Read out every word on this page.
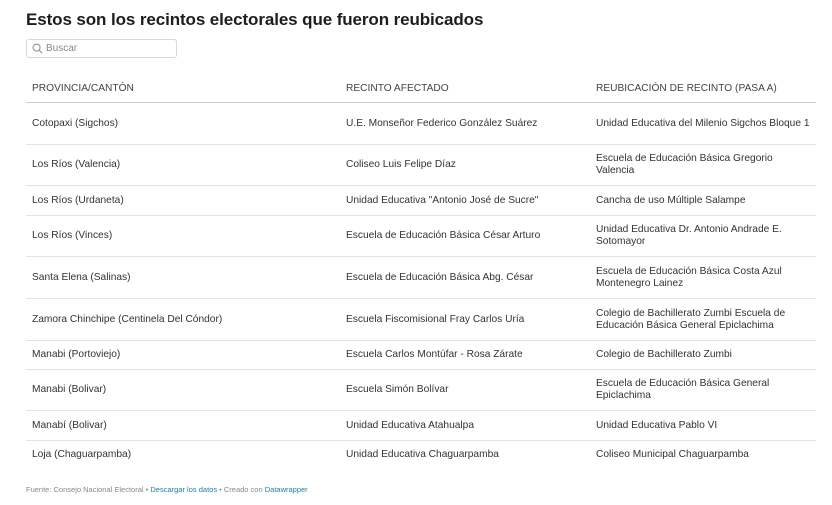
Estos son los recintos electorales que fueron reubicados
Buscar
PROVINCIA/CANTÓN	RECINTO AFECTADO	REUBICACIÓN DE RECINTO (PASA A)
Cotopaxi (Sigchos)	U.E. Monseñor Federico González Suárez	Unidad Educativa del Milenio Sigchos Bloque 1
Los Ríos (Valencia)	Coliseo Luis Felipe Díaz	Escuela de Educación Básica Gregorio Valencia
Los Ríos (Urdaneta)	Unidad Educativa "Antonio José de Sucre"	Cancha de uso Múltiple Salampe
Los Ríos (Vinces)	Escuela de Educación Básica César Arturo	Unidad Educativa Dr. Antonio Andrade E. Sotomayor
Santa Elena (Salinas)	Escuela de Educación Básica Abg. César	Escuela de Educación Básica Costa Azul Montenegro Lainez
Zamora Chinchipe (Centinela Del Cóndor)	Escuela Fiscomisional Fray Carlos Uría	Colegio de Bachillerato Zumbi Escuela de Educación Básica General Epiclachima
Manabi (Portoviejo)	Escuela Carlos Montúfar - Rosa Zárate	Colegio de Bachillerato Zumbi
Manabi (Bolivar)	Escuela Simón Bolívar	Escuela de Educación Básica General Epiclachima
Manabí (Bolivar)	Unidad Educativa Atahualpa	Unidad Educativa Pablo VI
Loja (Chaguarpamba)	Unidad Educativa Chaguarpamba	Coliseo Municipal Chaguarpamba
Fuente: Consejo Nacional Electoral • Descargar los datos • Creado con Datawrapper
